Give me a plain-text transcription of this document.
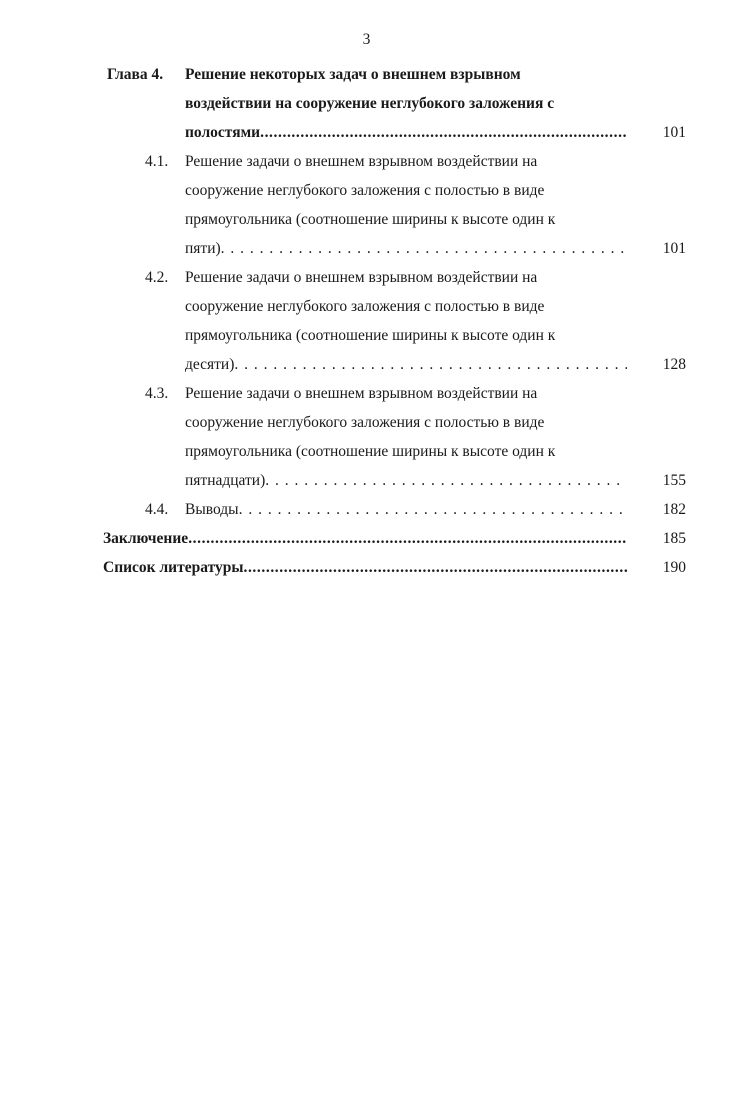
3
Глава 4. Решение некоторых задач о внешнем взрывном
воздействии на сооружение неглубокого заложения с
полостями .....	101
4.1. Решение задачи о внешнем взрывном воздействии на
сооружение неглубокого заложения с полостью в виде
прямоугольника (соотношение ширины к высоте один к
пяти) . . .	101
4.2. Решение задачи о внешнем взрывном воздействии на
сооружение неглубокого заложения с полостью в виде
прямоугольника (соотношение ширины к высоте один к
десяти) . . .	128
4.3. Решение задачи о внешнем взрывном воздействии на
сооружение неглубокого заложения с полостью в виде
прямоугольника (соотношение ширины к высоте один к
пятнадцати) . . .	155
4.4. Выводы . . .	182
Заключение .....	185
Список литературы .....	190
